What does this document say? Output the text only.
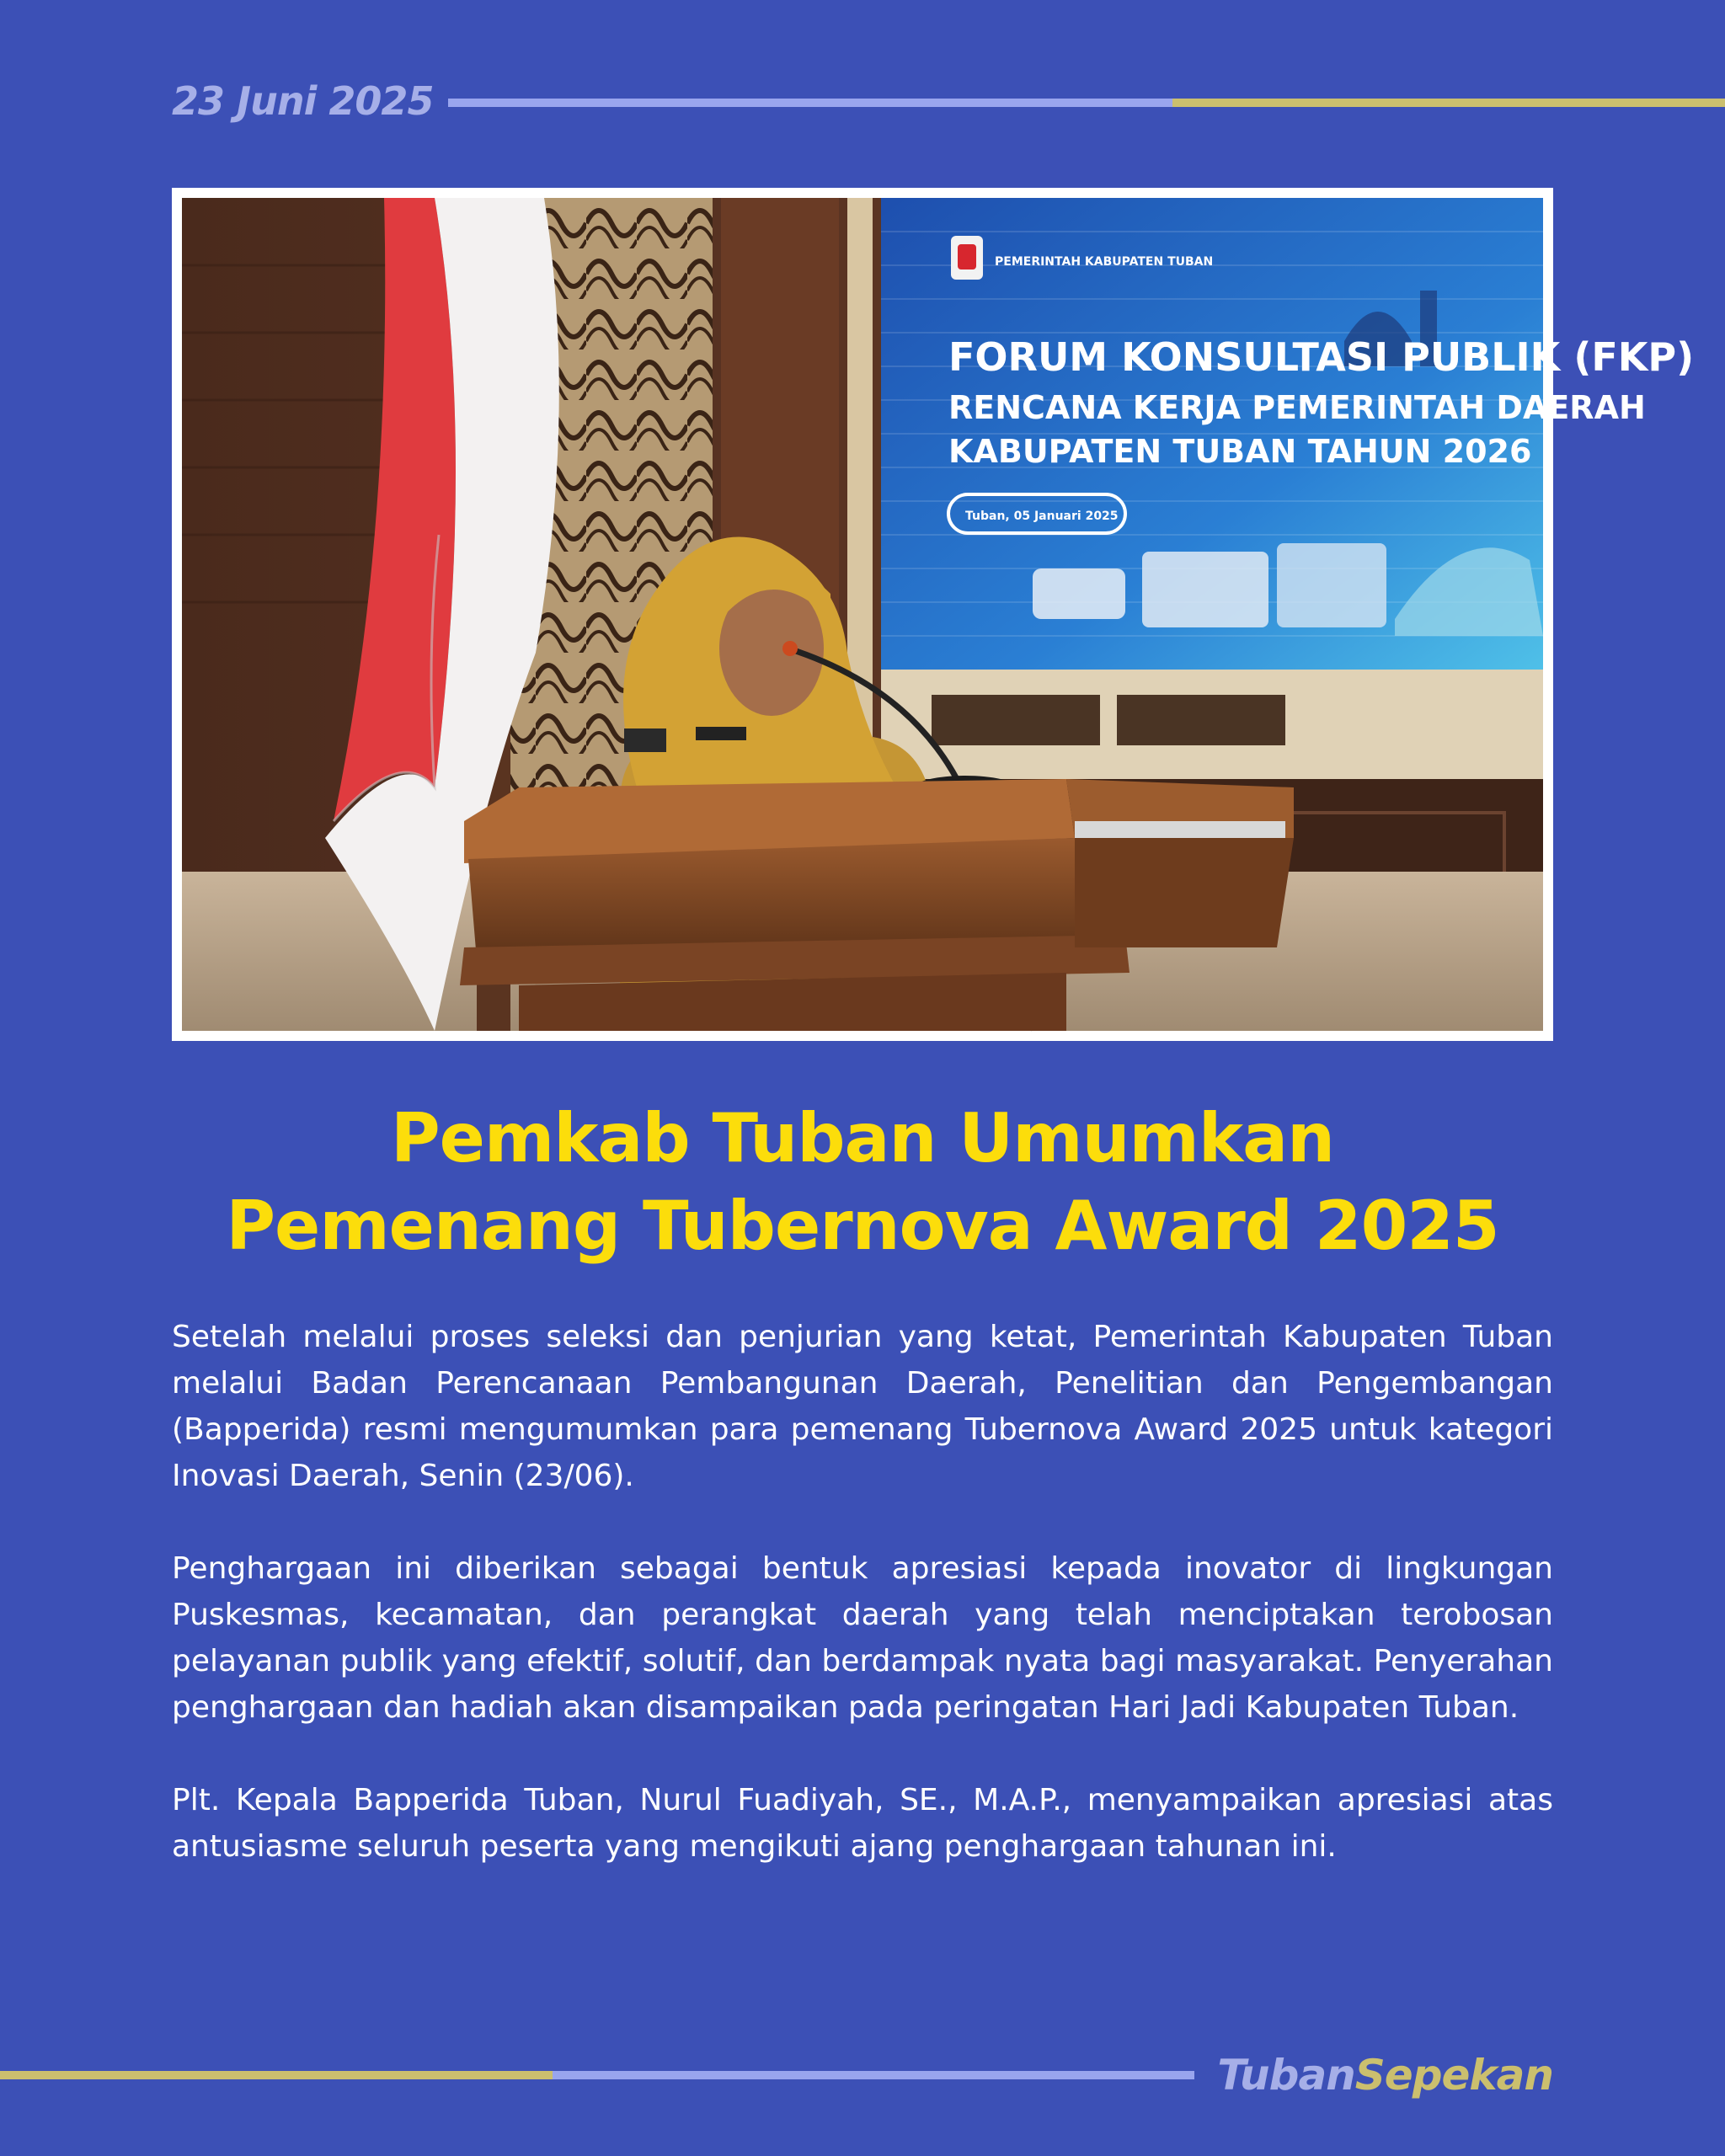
23 Juni 2025
PEMERINTAH KABUPATEN TUBAN
FORUM KONSULTASI PUBLIK (FKP)
RENCANA KERJA PEMERINTAH DAERAH
KABUPATEN TUBAN TAHUN 2026
Tuban, 05 Januari 2025
Pemkab Tuban Umumkan
Pemenang Tubernova Award 2025

Setelah melalui proses seleksi dan penjurian yang ketat, Pemerintah Kabupaten Tuban melalui Badan Perencanaan Pembangunan Daerah, Penelitian dan Pengembangan (Bapperida) resmi mengumumkan para pemenang Tubernova Award 2025 untuk kategori Inovasi Daerah, Senin (23/06).

Penghargaan ini diberikan sebagai bentuk apresiasi kepada inovator di lingkungan Puskesmas, kecamatan, dan perangkat daerah yang telah menciptakan terobosan pelayanan publik yang efektif, solutif, dan berdampak nyata bagi masyarakat. Penyerahan penghargaan dan hadiah akan disampaikan pada peringatan Hari Jadi Kabupaten Tuban.

Plt. Kepala Bapperida Tuban, Nurul Fuadiyah, SE., M.A.P., menyampaikan apresiasi atas antusiasme seluruh peserta yang mengikuti ajang penghargaan tahunan ini.

TubanSepekan
